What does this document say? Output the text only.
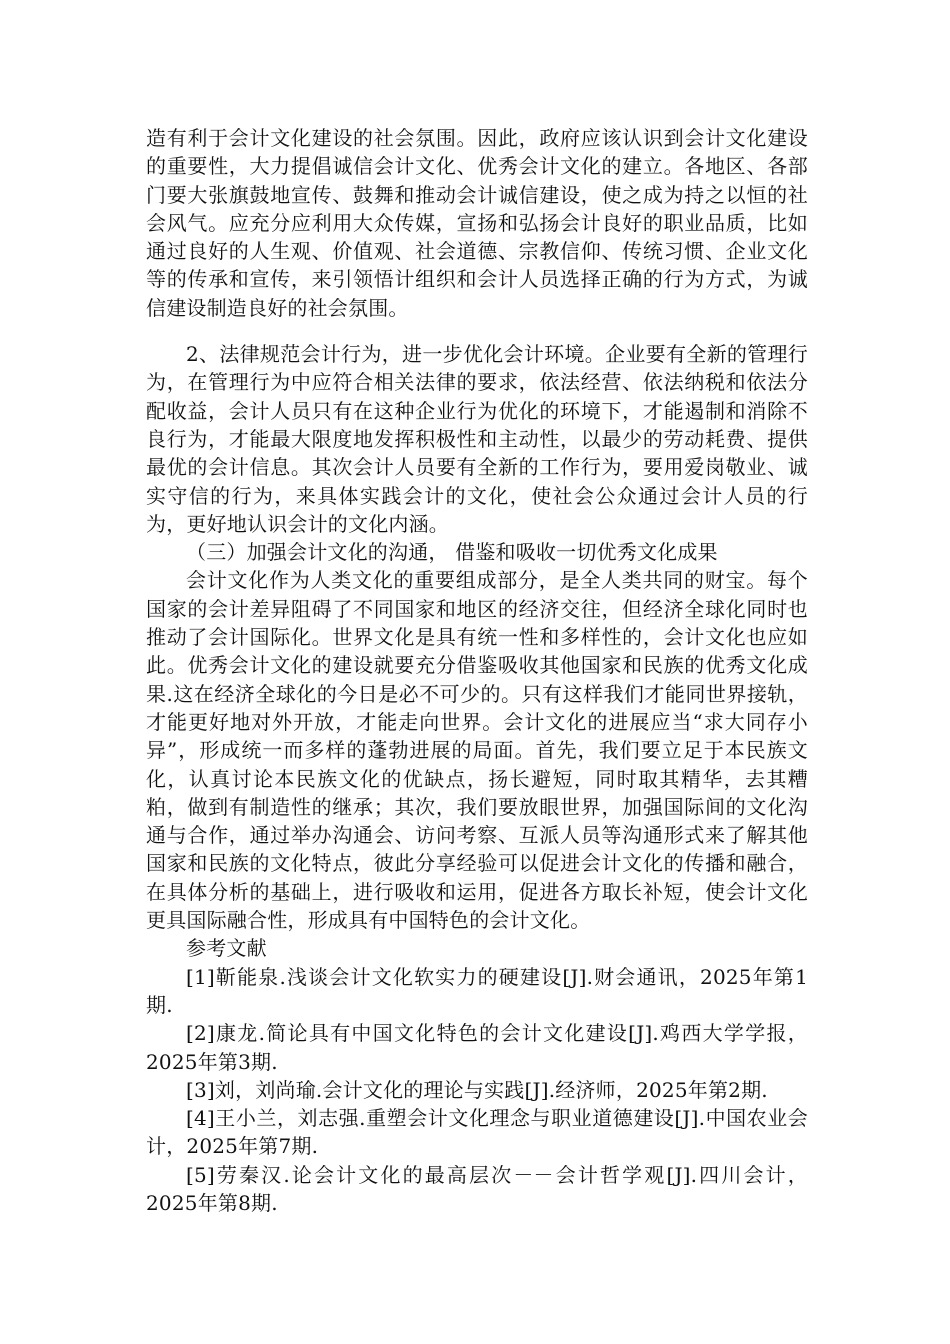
造有利于会计文化建设的社会氛围。因此，政府应该认识到会计文化建设的重要性，大力提倡诚信会计文化、优秀会计文化的建立。各地区、各部门要大张旗鼓地宣传、鼓舞和推动会计诚信建设，使之成为持之以恒的社会风气。应充分应利用大众传媒，宣扬和弘扬会计良好的职业品质，比如通过良好的人生观、价值观、社会道德、宗教信仰、传统习惯、企业文化等的传承和宣传，来引领悟计组织和会计人员选择正确的行为方式，为诚信建设制造良好的社会氛围。

2、法律规范会计行为，进一步优化会计环境。企业要有全新的管理行为，在管理行为中应符合相关法律的要求，依法经营、依法纳税和依法分配收益，会计人员只有在这种企业行为优化的环境下，才能遏制和消除不良行为，才能最大限度地发挥积极性和主动性，以最少的劳动耗费、提供最优的会计信息。其次会计人员要有全新的工作行为，要用爱岗敬业、诚实守信的行为，来具体实践会计的文化，使社会公众通过会计人员的行为，更好地认识会计的文化内涵。

（三）加强会计文化的沟通， 借鉴和吸收一切优秀文化成果

会计文化作为人类文化的重要组成部分，是全人类共同的财宝。每个国家的会计差异阻碍了不同国家和地区的经济交往，但经济全球化同时也推动了会计国际化。世界文化是具有统一性和多样性的，会计文化也应如此。优秀会计文化的建设就要充分借鉴吸收其他国家和民族的优秀文化成果.这在经济全球化的今日是必不可少的。只有这样我们才能同世界接轨，才能更好地对外开放，才能走向世界。会计文化的进展应当“求大同存小异”，形成统一而多样的蓬勃进展的局面。首先，我们要立足于本民族文化，认真讨论本民族文化的优缺点，扬长避短，同时取其精华，去其糟粕，做到有制造性的继承；其次，我们要放眼世界，加强国际间的文化沟通与合作，通过举办沟通会、访问考察、互派人员等沟通形式来了解其他国家和民族的文化特点，彼此分享经验可以促进会计文化的传播和融合，在具体分析的基础上，进行吸收和运用，促进各方取长补短，使会计文化更具国际融合性，形成具有中国特色的会计文化。

参考文献

[1]靳能泉.浅谈会计文化软实力的硬建设[J].财会通讯，2025年第1期.

[2]康龙.简论具有中国文化特色的会计文化建设[J].鸡西大学学报，2025年第3期.

[3]刘，刘尚瑜.会计文化的理论与实践[J].经济师，2025年第2期.

[4]王小兰，刘志强.重塑会计文化理念与职业道德建设[J].中国农业会计，2025年第7期.

[5]劳秦汉.论会计文化的最高层次－－会计哲学观[J].四川会计，2025年第8期.
